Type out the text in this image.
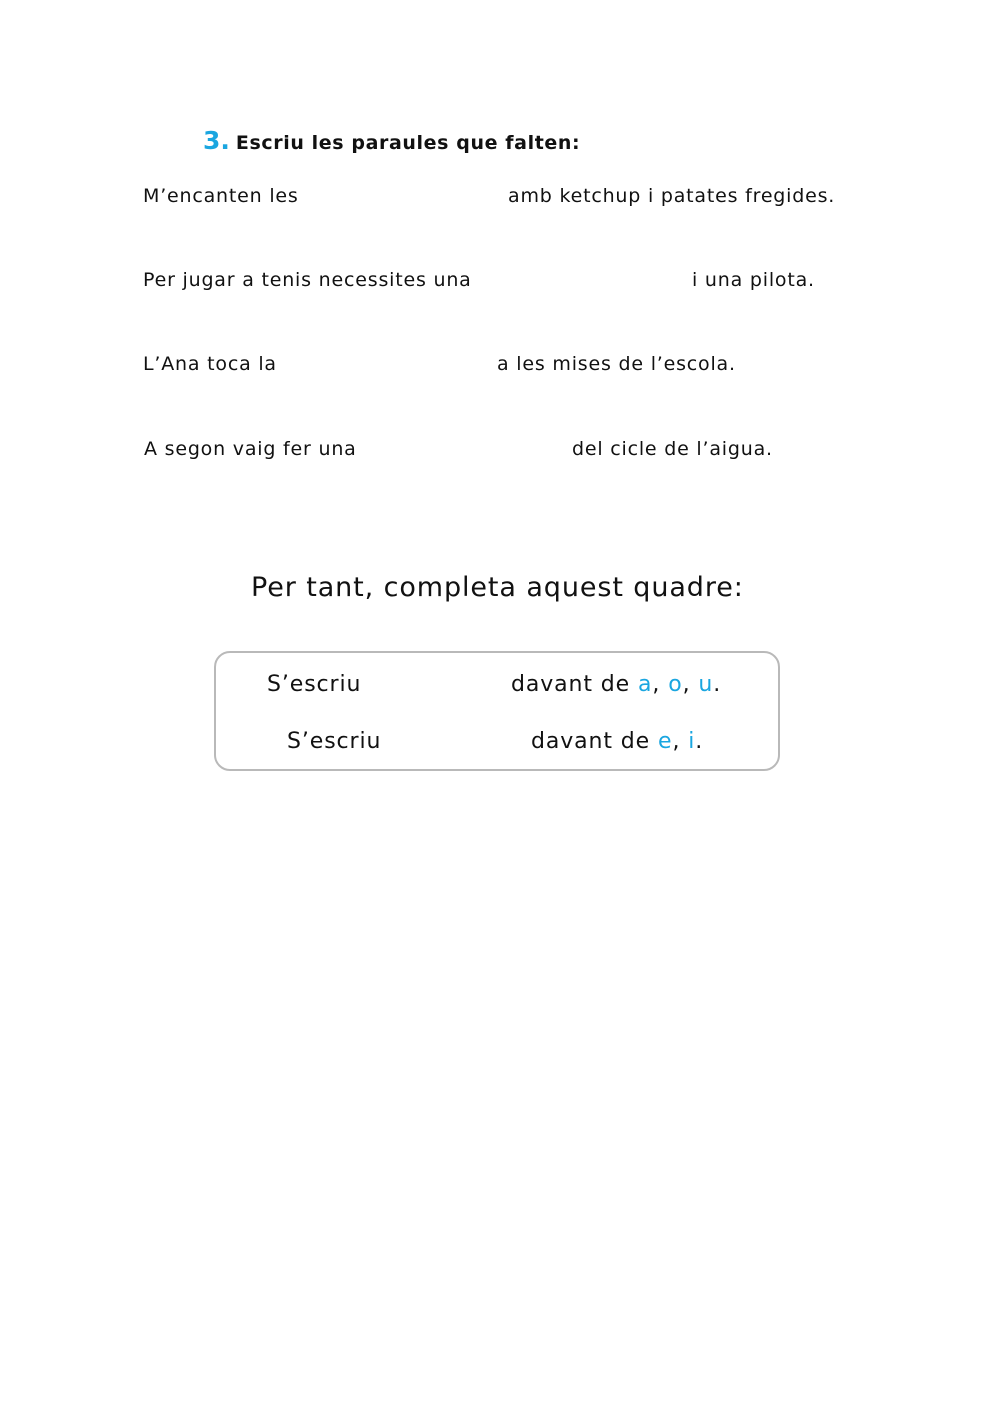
3. Escriu les paraules que falten:
M’encanten les	amb ketchup i patates fregides.
Per jugar a tenis necessites una	i una pilota.
L’Ana toca la	a les mises de l’escola.
A segon vaig fer una	del cicle de l’aigua.
Per tant, completa aquest quadre:
S’escriu	davant de a, o, u.
S’escriu	davant de e, i.
